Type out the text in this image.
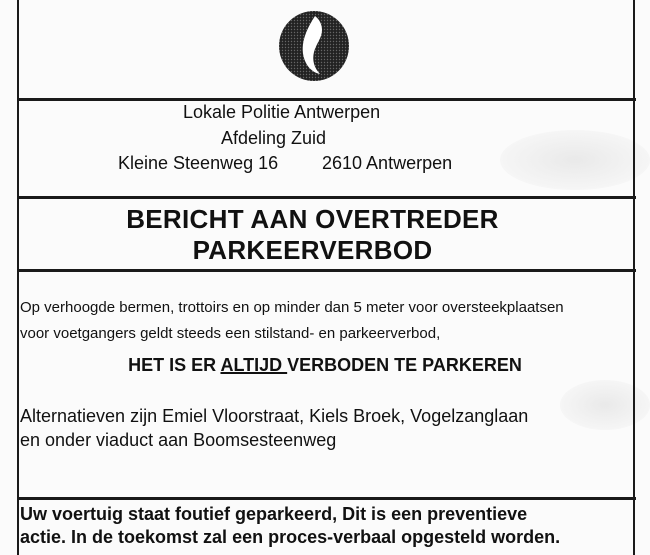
Lokale Politie Antwerpen
Afdeling Zuid
Kleine Steenweg 16 2610 Antwerpen
BERICHT AAN OVERTREDER
PARKEERVERBOD
Op verhoogde bermen, trottoirs en op minder dan 5 meter voor oversteekplaatsen
voor voetgangers geldt steeds een stilstand- en parkeerverbod,
HET IS ER ALTIJD VERBODEN TE PARKEREN
Alternatieven zijn Emiel Vloorstraat, Kiels Broek, Vogelzanglaan
en onder viaduct aan Boomsesteenweg
Uw voertuig staat foutief geparkeerd, Dit is een preventieve
actie. In de toekomst zal een proces-verbaal opgesteld worden.
